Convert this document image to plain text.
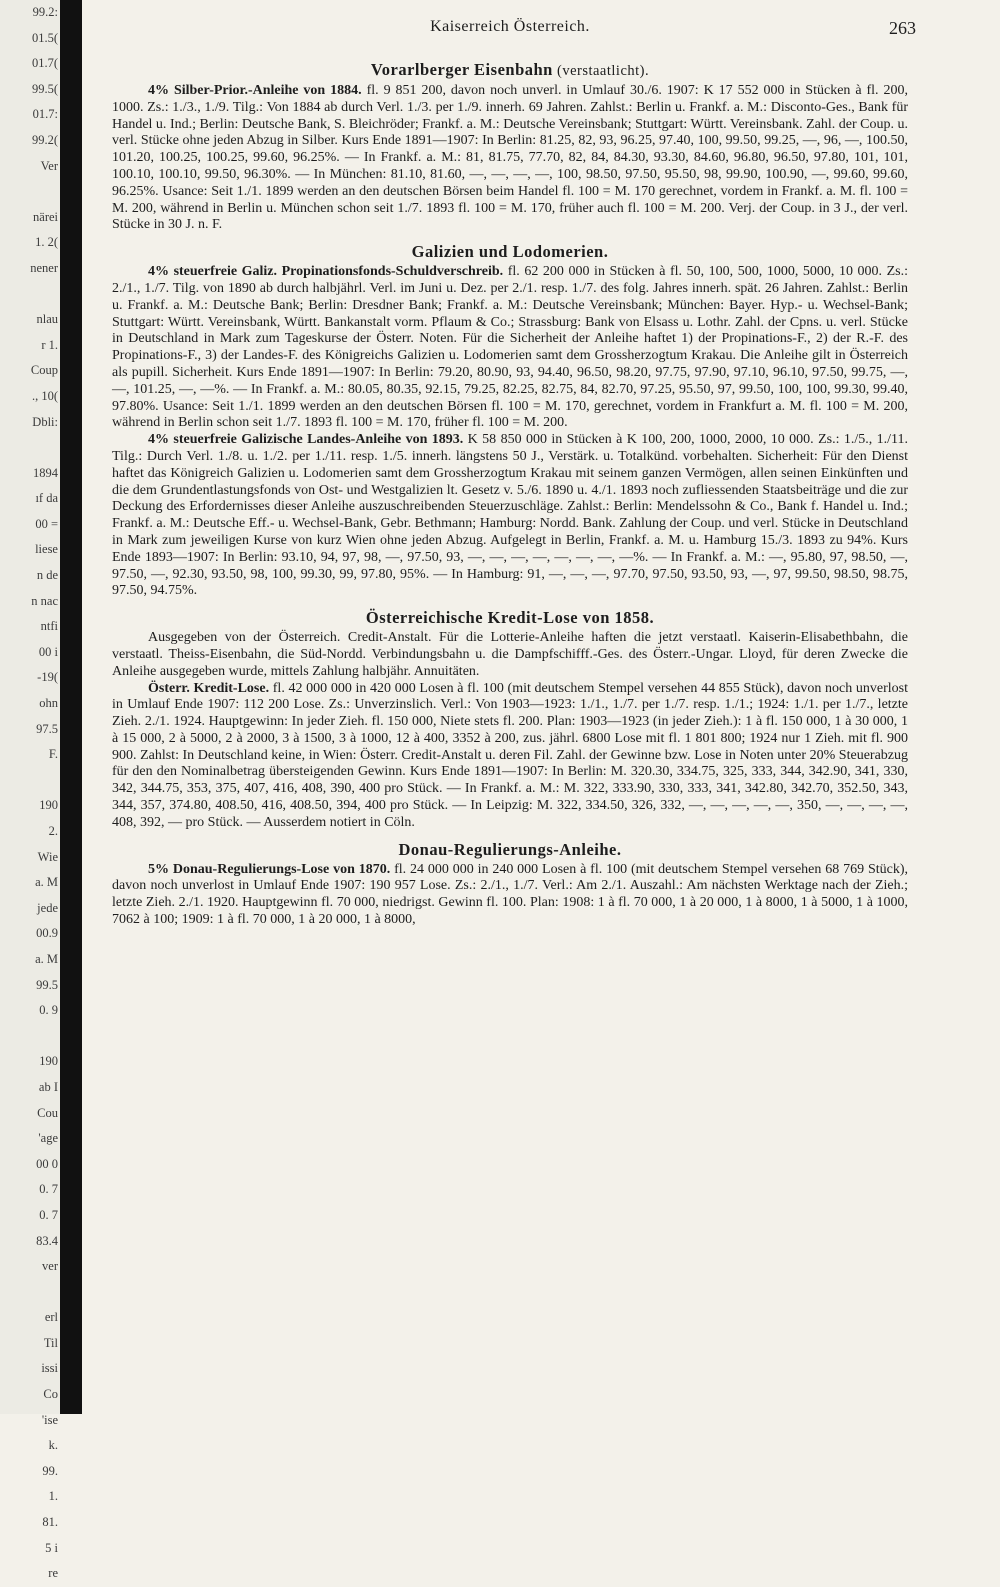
99.2:
01.5(
01.7(
99.5(
01.7:
99.2(
Ver
närei
1. 2(
nener
nlau
r 1.
Coup
., 10(
Dbli:
1894
ıf da
00 =
liese
n de
n nac
ntfi
00 i
-19(
ohn
97.5
F.
190
2.
Wie
a. M
jede
00.9
a. M
99.5
0. 9
190
ab I
Cou
'age
00 0
0. 7
0. 7
83.4
ver
erl
Til
issi
Co
'ise
k.
99.
1.
81.
5 i
re
Kaiserreich Österreich.	263
Vorarlberger Eisenbahn (verstaatlicht).

4% Silber-Prior.-Anleihe von 1884. fl. 9 851 200, davon noch unverl. in Umlauf 30./6. 1907: K 17 552 000 in Stücken à fl. 200, 1000. Zs.: 1./3., 1./9. Tilg.: Von 1884 ab durch Verl. 1./3. per 1./9. innerh. 69 Jahren. Zahlst.: Berlin u. Frankf. a. M.: Disconto-Ges., Bank für Handel u. Ind.; Berlin: Deutsche Bank, S. Bleichröder; Frankf. a. M.: Deutsche Vereinsbank; Stuttgart: Württ. Vereinsbank. Zahl. der Coup. u. verl. Stücke ohne jeden Abzug in Silber. Kurs Ende 1891—1907: In Berlin: 81.25, 82, 93, 96.25, 97.40, 100, 99.50, 99.25, —, 96, —, 100.50, 101.20, 100.25, 100.25, 99.60, 96.25%. — In Frankf. a. M.: 81, 81.75, 77.70, 82, 84, 84.30, 93.30, 84.60, 96.80, 96.50, 97.80, 101, 101, 100.10, 100.10, 99.50, 96.30%. — In München: 81.10, 81.60, —, —, —, —, 100, 98.50, 97.50, 95.50, 98, 99.90, 100.90, —, 99.60, 99.60, 96.25%. Usance: Seit 1./1. 1899 werden an den deutschen Börsen beim Handel fl. 100 = M. 170 gerechnet, vordem in Frankf. a. M. fl. 100 = M. 200, während in Berlin u. München schon seit 1./7. 1893 fl. 100 = M. 170, früher auch fl. 100 = M. 200. Verj. der Coup. in 3 J., der verl. Stücke in 30 J. n. F.

Galizien und Lodomerien.

4% steuerfreie Galiz. Propinationsfonds-Schuldverschreib. fl. 62 200 000 in Stücken à fl. 50, 100, 500, 1000, 5000, 10 000. Zs.: 2./1., 1./7. Tilg. von 1890 ab durch halbjährl. Verl. im Juni u. Dez. per 2./1. resp. 1./7. des folg. Jahres innerh. spät. 26 Jahren. Zahlst.: Berlin u. Frankf. a. M.: Deutsche Bank; Berlin: Dresdner Bank; Frankf. a. M.: Deutsche Vereinsbank; München: Bayer. Hyp.- u. Wechsel-Bank; Stuttgart: Württ. Vereinsbank, Württ. Bankanstalt vorm. Pflaum & Co.; Strassburg: Bank von Elsass u. Lothr. Zahl. der Cpns. u. verl. Stücke in Deutschland in Mark zum Tageskurse der Österr. Noten. Für die Sicherheit der Anleihe haftet 1) der Propinations-F., 2) der R.-F. des Propinations-F., 3) der Landes-F. des Königreichs Galizien u. Lodomerien samt dem Grossherzogtum Krakau. Die Anleihe gilt in Österreich als pupill. Sicherheit. Kurs Ende 1891—1907: In Berlin: 79.20, 80.90, 93, 94.40, 96.50, 98.20, 97.75, 97.90, 97.10, 96.10, 97.50, 99.75, —, —, 101.25, —, —%. — In Frankf. a. M.: 80.05, 80.35, 92.15, 79.25, 82.25, 82.75, 84, 82.70, 97.25, 95.50, 97, 99.50, 100, 100, 99.30, 99.40, 97.80%. Usance: Seit 1./1. 1899 werden an den deutschen Börsen fl. 100 = M. 170, gerechnet, vordem in Frankfurt a. M. fl. 100 = M. 200, während in Berlin schon seit 1./7. 1893 fl. 100 = M. 170, früher fl. 100 = M. 200.

4% steuerfreie Galizische Landes-Anleihe von 1893. K 58 850 000 in Stücken à K 100, 200, 1000, 2000, 10 000. Zs.: 1./5., 1./11. Tilg.: Durch Verl. 1./8. u. 1./2. per 1./11. resp. 1./5. innerh. längstens 50 J., Verstärk. u. Totalkünd. vorbehalten. Sicherheit: Für den Dienst haftet das Königreich Galizien u. Lodomerien samt dem Grossherzogtum Krakau mit seinem ganzen Vermögen, allen seinen Einkünften und die dem Grundentlastungsfonds von Ost- und Westgalizien lt. Gesetz v. 5./6. 1890 u. 4./1. 1893 noch zufliessenden Staatsbeiträge und die zur Deckung des Erfordernisses dieser Anleihe auszuschreibenden Steuerzuschläge. Zahlst.: Berlin: Mendelssohn & Co., Bank f. Handel u. Ind.; Frankf. a. M.: Deutsche Eff.- u. Wechsel-Bank, Gebr. Bethmann; Hamburg: Nordd. Bank. Zahlung der Coup. und verl. Stücke in Deutschland in Mark zum jeweiligen Kurse von kurz Wien ohne jeden Abzug. Aufgelegt in Berlin, Frankf. a. M. u. Hamburg 15./3. 1893 zu 94%. Kurs Ende 1893—1907: In Berlin: 93.10, 94, 97, 98, —, 97.50, 93, —, —, —, —, —, —, —, —%. — In Frankf. a. M.: —, 95.80, 97, 98.50, —, 97.50, —, 92.30, 93.50, 98, 100, 99.30, 99, 97.80, 95%. — In Hamburg: 91, —, —, —, 97.70, 97.50, 93.50, 93, —, 97, 99.50, 98.50, 98.75, 97.50, 94.75%.

Österreichische Kredit-Lose von 1858.

Ausgegeben von der Österreich. Credit-Anstalt. Für die Lotterie-Anleihe haften die jetzt verstaatl. Kaiserin-Elisabethbahn, die verstaatl. Theiss-Eisenbahn, die Süd-Nordd. Verbindungsbahn u. die Dampfschifff.-Ges. des Österr.-Ungar. Lloyd, für deren Zwecke die Anleihe ausgegeben wurde, mittels Zahlung halbjähr. Annuitäten.

Österr. Kredit-Lose. fl. 42 000 000 in 420 000 Losen à fl. 100 (mit deutschem Stempel versehen 44 855 Stück), davon noch unverlost in Umlauf Ende 1907: 112 200 Lose. Zs.: Unverzinslich. Verl.: Von 1903—1923: 1./1., 1./7. per 1./7. resp. 1./1.; 1924: 1./1. per 1./7., letzte Zieh. 2./1. 1924. Hauptgewinn: In jeder Zieh. fl. 150 000, Niete stets fl. 200. Plan: 1903—1923 (in jeder Zieh.): 1 à fl. 150 000, 1 à 30 000, 1 à 15 000, 2 à 5000, 2 à 2000, 3 à 1500, 3 à 1000, 12 à 400, 3352 à 200, zus. jährl. 6800 Lose mit fl. 1 801 800; 1924 nur 1 Zieh. mit fl. 900 900. Zahlst: In Deutschland keine, in Wien: Österr. Credit-Anstalt u. deren Fil. Zahl. der Gewinne bzw. Lose in Noten unter 20% Steuerabzug für den den Nominalbetrag übersteigenden Gewinn. Kurs Ende 1891—1907: In Berlin: M. 320.30, 334.75, 325, 333, 344, 342.90, 341, 330, 342, 344.75, 353, 375, 407, 416, 408, 390, 400 pro Stück. — In Frankf. a. M.: M. 322, 333.90, 330, 333, 341, 342.80, 342.70, 352.50, 343, 344, 357, 374.80, 408.50, 416, 408.50, 394, 400 pro Stück. — In Leipzig: M. 322, 334.50, 326, 332, —, —, —, —, —, 350, —, —, —, —, 408, 392, — pro Stück. — Ausserdem notiert in Cöln.

Donau-Regulierungs-Anleihe.

5% Donau-Regulierungs-Lose von 1870. fl. 24 000 000 in 240 000 Losen à fl. 100 (mit deutschem Stempel versehen 68 769 Stück), davon noch unverlost in Umlauf Ende 1907: 190 957 Lose. Zs.: 2./1., 1./7. Verl.: Am 2./1. Auszahl.: Am nächsten Werktage nach der Zieh.; letzte Zieh. 2./1. 1920. Hauptgewinn fl. 70 000, niedrigst. Gewinn fl. 100. Plan: 1908: 1 à fl. 70 000, 1 à 20 000, 1 à 8000, 1 à 5000, 1 à 1000, 7062 à 100; 1909: 1 à fl. 70 000, 1 à 20 000, 1 à 8000,
